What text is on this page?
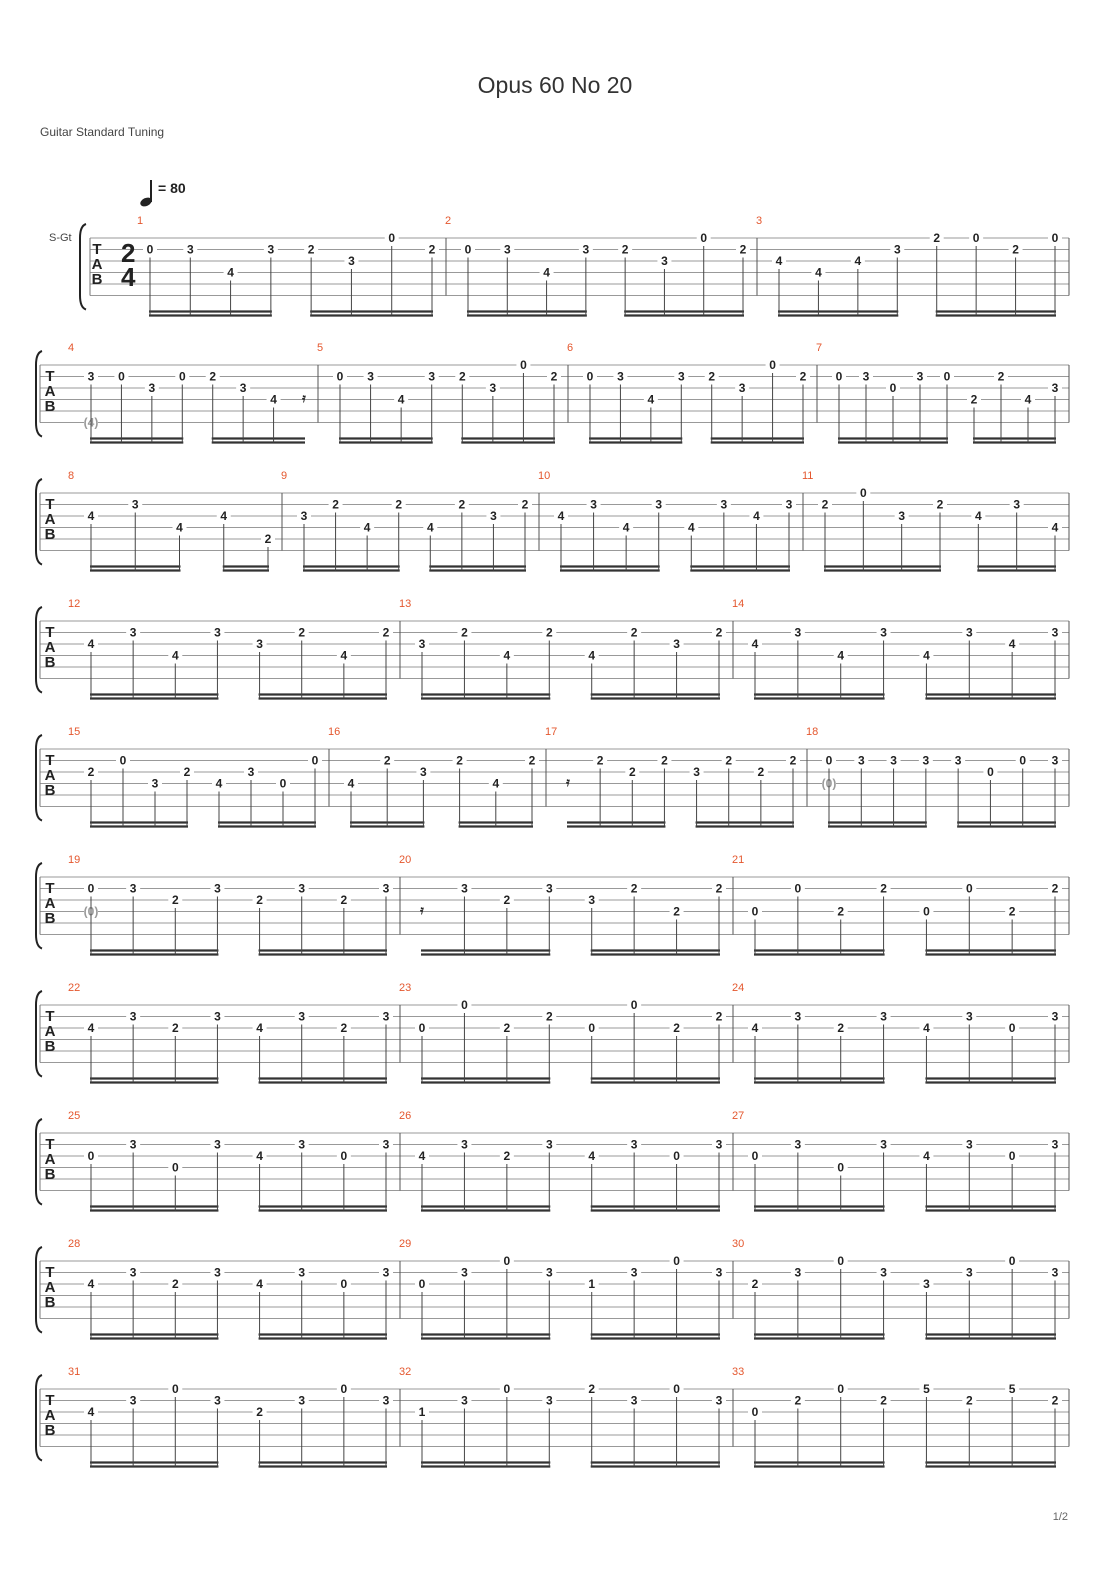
Opus 60 No 20
Guitar Standard Tuning
= 80
T
A
B
S-Gt 2
4
1
0	3
4
3	2
3
0
2
2
0	3
4
3	2
3
0
2
3
4
4
4
3
2	0
2
0
T
A
B
4
3
(4)
0
3
0 2
3
4 𝄿
5
0 3
4
3 2
3
0
2
6
0 3
4
3 2
3
0
2
7
0 3
0
3 0
2
2
4
3
T
A
B
8
4
3
4
4
2
9
3
2
4
2
4
2
3
2
10
4
3
4
3
4
3
4
3
11
2
0
3
2
4
3
4
T
A
B
12
4
3
4
3
3
2
4
2
13
3
2
4
2
4
2
3
2
14
4
3
4
3
4
3
4
3
T
A
B
15
2
0
3
2
4
3
0
0
16
4
2
3
2
4
2
17
𝄿
2
2
2
3
2
2
2
18
0
(0)
3 3 3 3
0
0 3
T
A
B
19
0
(0)
3
2
3
2
3
2
3
20
𝄿
3
2
3
3
2
2
2
21
0
0
2
2
0
0
2
2
T
A
B
22
4
3
2
3
4
3
2
3
23
0
0
2
2
0
0
2
2
24
4
3
2
3
4
3
0
3
T
A
B
25
0
3
0
3
4
3
0
3
26
4
3
2
3
4
3
0
3
27
0
3
0
3
4
3
0
3
T
A
B
28
4
3
2
3
4
3
0
3
29
0
3
0
3
1
3
0
3
30
2
3
0
3
3
3
0
3
T
A
B
31
4
3
0
3
2
3
0
3
32
1
3
0
3
2
3
0
3
33
0
2
0
2
5
2
5
2
1/2
